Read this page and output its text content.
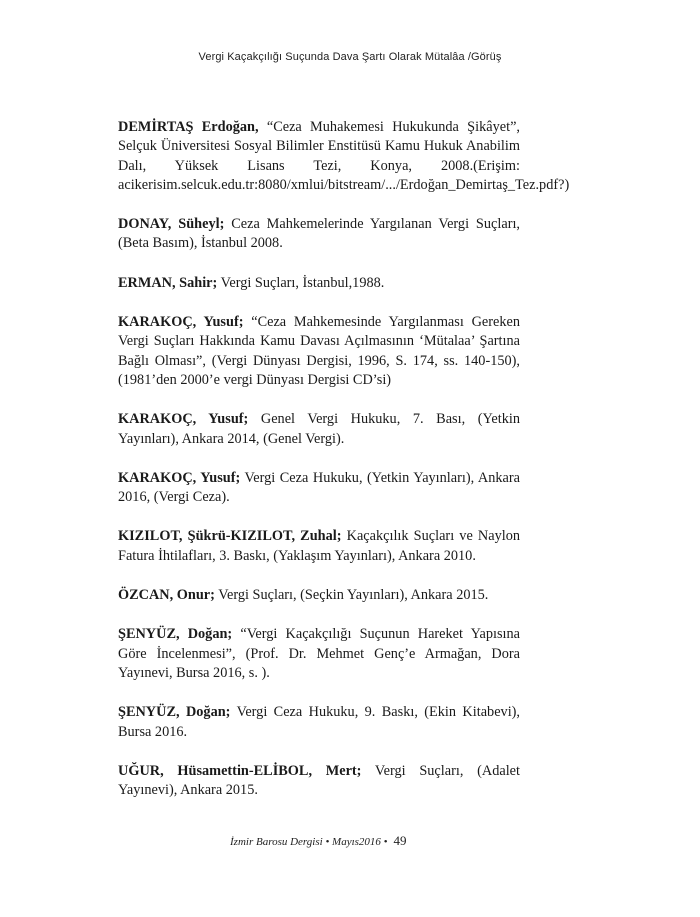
Vergi Kaçakçılığı Suçunda Dava Şartı Olarak Mütalâa /Görüş

DEMİRTAŞ Erdoğan, “Ceza Muhakemesi Hukukunda Şikâyet”, Selçuk Üniversitesi Sosyal Bilimler Enstitüsü Kamu Hukuk Anabilim Dalı, Yüksek Lisans Tezi, Konya, 2008.(Erişim: acikerisim.selcuk.edu.tr:8080/xmlui/bitstream/.../Erdoğan_Demirtaş_Tez.pdf?)

DONAY, Süheyl; Ceza Mahkemelerinde Yargılanan Vergi Suçları, (Beta Basım), İstanbul 2008.

ERMAN, Sahir; Vergi Suçları, İstanbul,1988.

KARAKOÇ, Yusuf; “Ceza Mahkemesinde Yargılanması Gereken Vergi Suçları Hakkında Kamu Davası Açılmasının ‘Mütalaa’ Şartına Bağlı Olması”, (Vergi Dünyası Dergisi, 1996, S. 174, ss. 140-150), (1981’den 2000’e vergi Dünyası Dergisi CD’si)

KARAKOÇ, Yusuf; Genel Vergi Hukuku, 7. Bası, (Yetkin Yayınları), Ankara 2014, (Genel Vergi).

KARAKOÇ, Yusuf; Vergi Ceza Hukuku, (Yetkin Yayınları), Ankara 2016, (Vergi Ceza).

KIZILOT, Şükrü-KIZILOT, Zuhal; Kaçakçılık Suçları ve Naylon Fatura İhtilafları, 3. Baskı, (Yaklaşım Yayınları), Ankara 2010.

ÖZCAN, Onur; Vergi Suçları, (Seçkin Yayınları), Ankara 2015.

ŞENYÜZ, Doğan; “Vergi Kaçakçılığı Suçunun Hareket Yapısına Göre İncelenmesi”, (Prof. Dr. Mehmet Genç’e Armağan, Dora Yayınevi, Bursa 2016, s. ).

ŞENYÜZ, Doğan; Vergi Ceza Hukuku, 9. Baskı, (Ekin Kitabevi), Bursa 2016.

UĞUR, Hüsamettin-ELİBOL, Mert; Vergi Suçları, (Adalet Yayınevi), Ankara 2015.

İzmir Barosu Dergisi • Mayıs2016 • 49
